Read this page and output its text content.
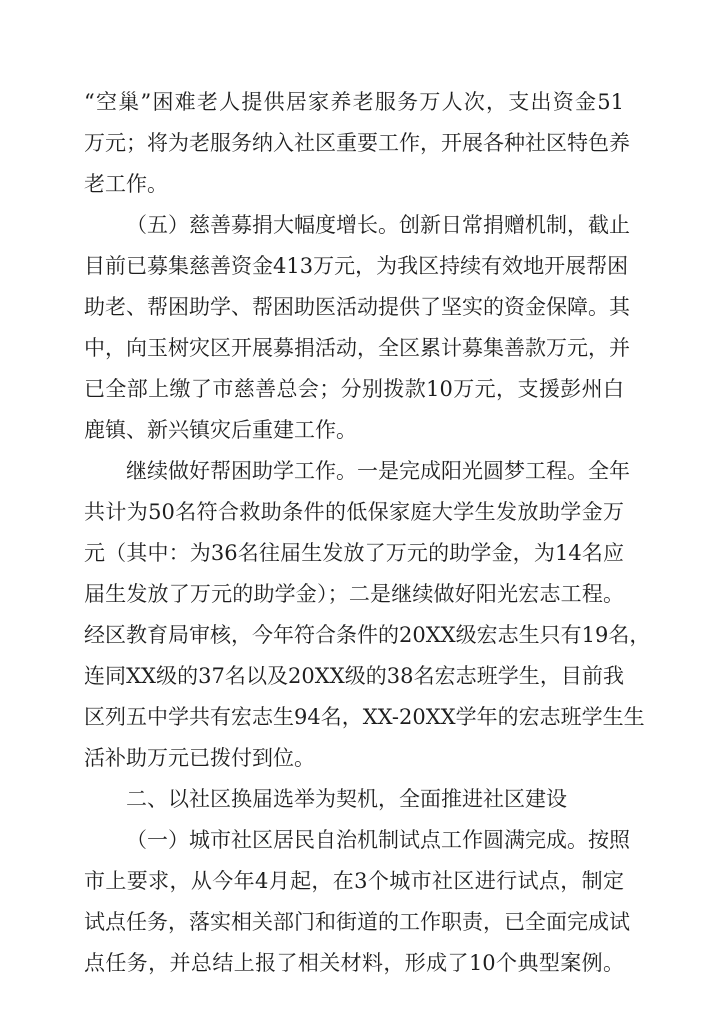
“空巢”困难老人提供居家养老服务万人次，支出资金51
万元；将为老服务纳入社区重要工作，开展各种社区特色养
老工作。
（五）慈善募捐大幅度增长。创新日常捐赠机制，截止
目前已募集慈善资金413万元，为我区持续有效地开展帮困
助老、帮困助学、帮困助医活动提供了坚实的资金保障。其
中，向玉树灾区开展募捐活动，全区累计募集善款万元，并
已全部上缴了市慈善总会；分别拨款10万元，支援彭州白
鹿镇、新兴镇灾后重建工作。
继续做好帮困助学工作。一是完成阳光圆梦工程。全年
共计为50名符合救助条件的低保家庭大学生发放助学金万
元（其中：为36名往届生发放了万元的助学金，为14名应
届生发放了万元的助学金）；二是继续做好阳光宏志工程。
经区教育局审核，今年符合条件的20XX级宏志生只有19名，
连同XX级的37名以及20XX级的38名宏志班学生，目前我
区列五中学共有宏志生94名，XX-20XX学年的宏志班学生生
活补助万元已拨付到位。
二、以社区换届选举为契机，全面推进社区建设
（一）城市社区居民自治机制试点工作圆满完成。按照
市上要求，从今年4月起，在3个城市社区进行试点，制定
试点任务，落实相关部门和街道的工作职责，已全面完成试
点任务，并总结上报了相关材料，形成了10个典型案例。
